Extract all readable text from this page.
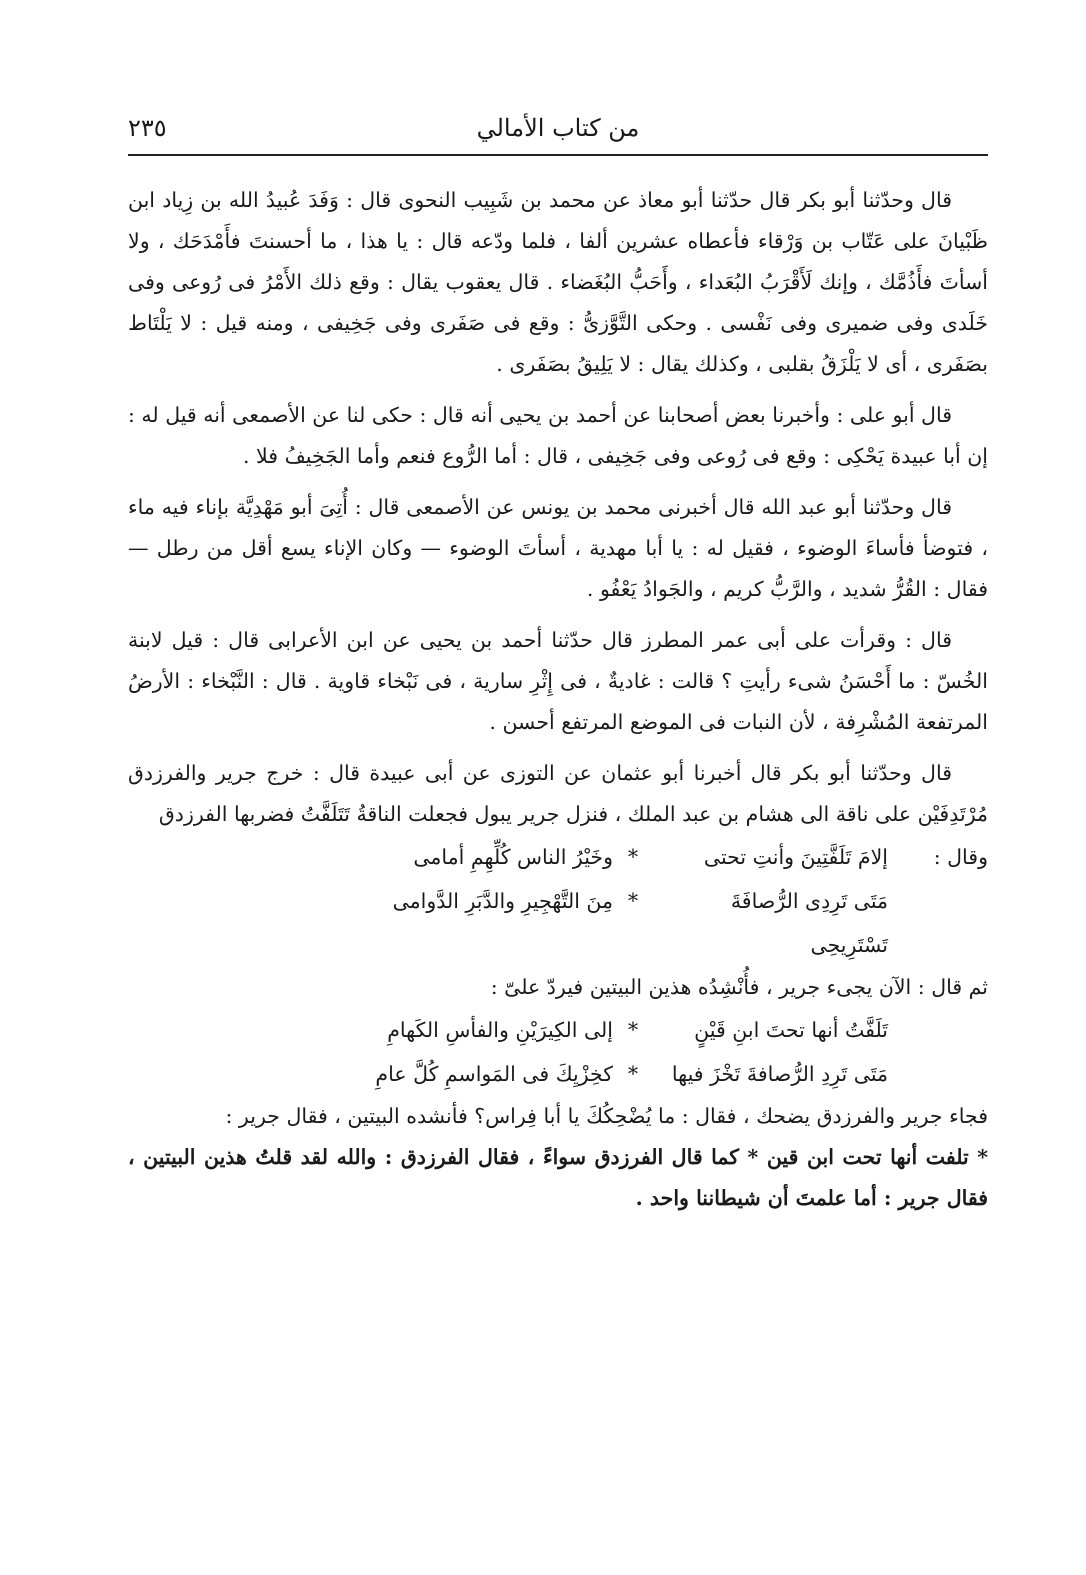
من كتاب الأمالي
٢٣٥

قال وحدّثنا أبو بكر قال حدّثنا أبو معاذ عن محمد بن شَبِيب النحوى قال : وَفَدَ عُبيدُ الله بن زِياد ابن ظَبْيانَ على عَتّاب بن وَرْقاء فأعطاه عشرين ألفا ، فلما ودّعه قال : يا هذا ، ما أحسنتَ فأَمْدَحَك ، ولا أسأتَ فأَذُمَّك ، وإنك لَأَقْرَبُ البُعَداء ، وأَحَبُّ البُغَضاء . قال يعقوب يقال : وقع ذلك الأَمْرُ فى رُوعى وفى خَلَدى وفى ضميرى وفى نَفْسى . وحكى التَّوَّزىُّ : وقع فى صَفَرى وفى جَخِيفى ، ومنه قيل : لا يَلْتَاط بصَفَرى ، أى لا يَلْزَقُ بقلبى ، وكذلك يقال : لا يَلِيقُ بصَفَرى .

قال أبو على : وأخبرنا بعض أصحابنا عن أحمد بن يحيى أنه قال : حكى لنا عن الأصمعى أنه قيل له : إن أبا عبيدة يَحْكِى : وقع فى رُوعى وفى جَخِيفى ، قال : أما الرُّوع فنعم وأما الجَخِيفُ فلا .

قال وحدّثنا أبو عبد الله قال أخبرنى محمد بن يونس عن الأصمعى قال : أُتِىَ أبو مَهْدِيَّة بإناء فيه ماء ، فتوضأ فأساءَ الوضوء ، فقيل له : يا أبا مهدية ، أسأتَ الوضوء — وكان الإناء يسع أقل من رطل — فقال : القُرُّ شديد ، والرَّبُّ كريم ، والجَوادُ يَعْفُو .

قال : وقرأت على أبى عمر المطرز قال حدّثنا أحمد بن يحيى عن ابن الأعرابى قال : قيل لابنة الخُسّ : ما أَحْسَنُ شىء رأيتِ ؟ قالت : غاديةٌ ، فى إِثْرِ سارية ، فى نَبْخاء قاوية . قال : النَّبْخاء : الأرضُ المرتفعة المُشْرِفة ، لأن النبات فى الموضع المرتفع أحسن .

قال وحدّثنا أبو بكر قال أخبرنا أبو عثمان عن التوزى عن أبى عبيدة قال : خرج جرير والفرزدق مُرْتَدِفَيْن على ناقة الى هشام بن عبد الملك ، فنزل جرير يبول فجعلت الناقةُ تَتَلَفَّتُ فضربها الفرزدق

وقال :
إلامَ تَلَفَّتِينَ وأنتِ تحتى
*
وخَيْرُ الناس كُلِّهِمِ أمامى
مَتَى تَرِدِى الرُّصافَةَ تَسْتَرِيحِى
*
مِنَ التَّهْجِيرِ والدَّبَرِ الدَّوامى

ثم قال : الآن يجىء جرير ، فأُنْشِدُه هذين البيتين فيردّ علىّ :

تَلَفَّتُ أنها تحتَ ابنِ قَيْنٍ
*
إلى الكِيرَيْنِ والفأسِ الكَهامِ
مَتَى تَرِدِ الرُّصافةَ تَخْزَ فيها
*
كخِزْيِكَ فى المَواسمِ كُلَّ عامِ

فجاء جرير والفرزدق يضحك ، فقال : ما يُضْحِكُكَ يا أبا فِراس؟ فأنشده البيتين ، فقال جرير :

* تلفت أنها تحت ابن قين * كما قال الفرزدق سواءً ، فقال الفرزدق : والله لقد قلتُ هذين البيتين ، فقال جرير : أما علمتَ أن شيطاننا واحد .
